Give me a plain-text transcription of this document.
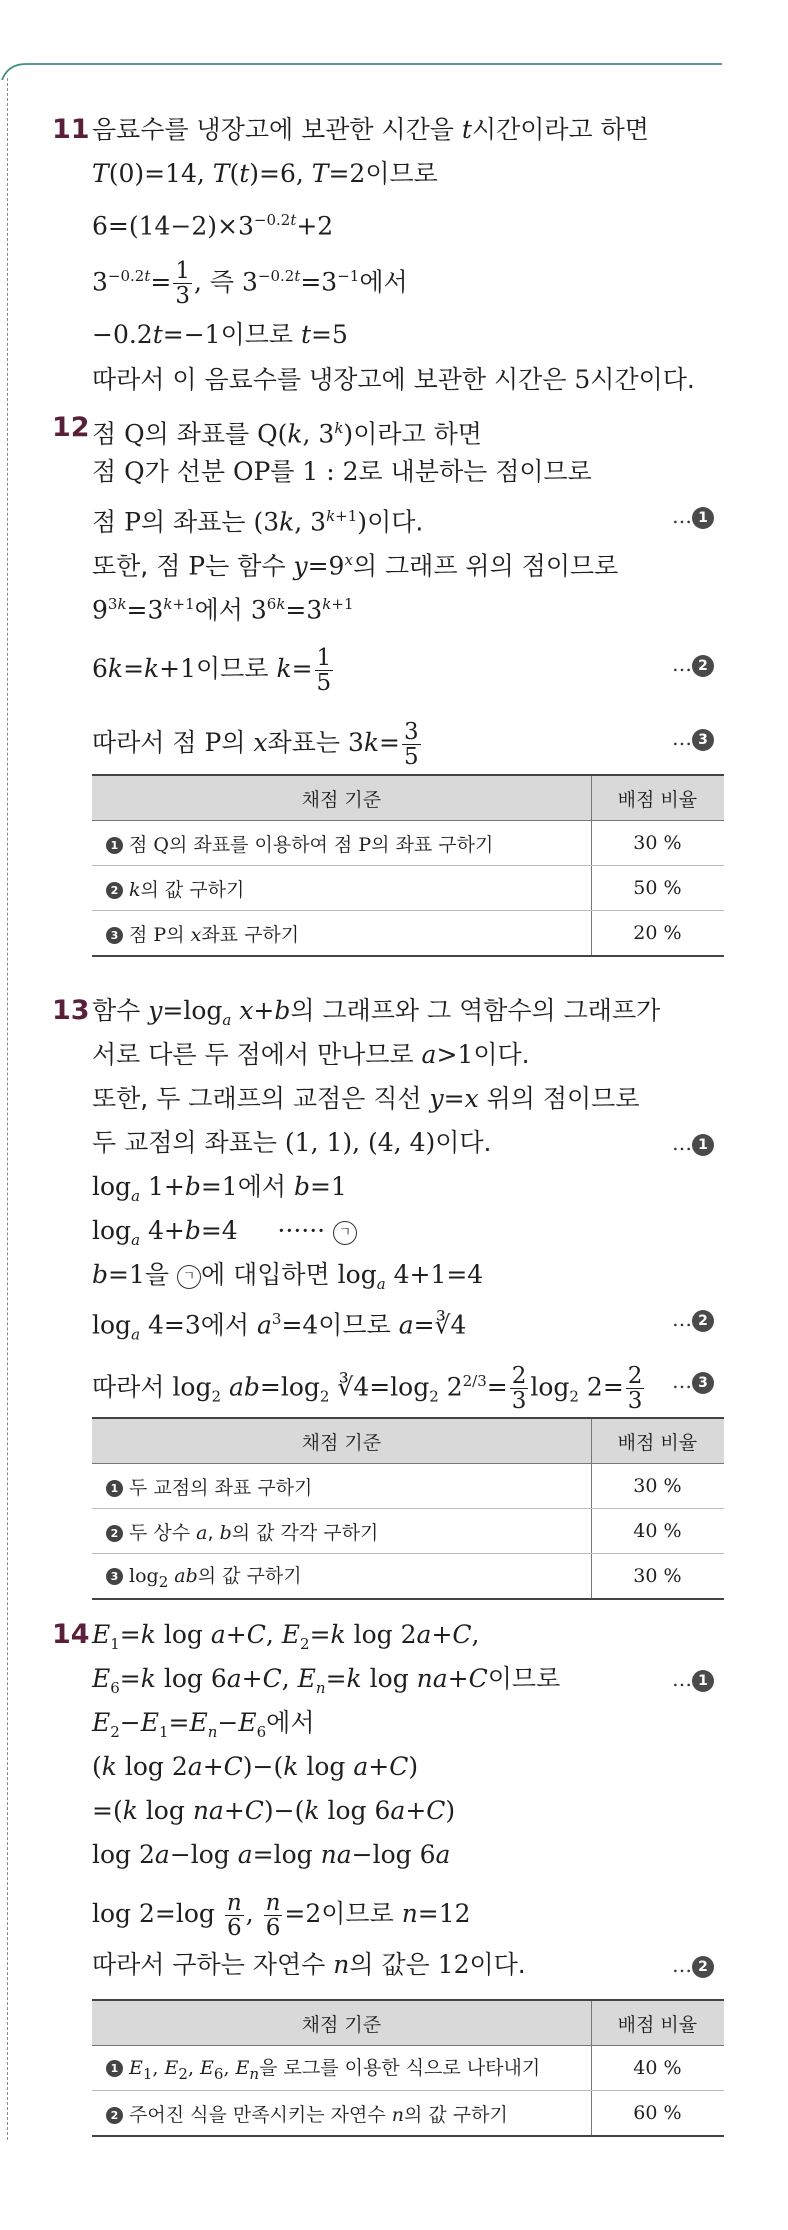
11 음료수를 냉장고에 보관한 시간을 t시간이라고 하면
T(0)=14, T(t)=6, T=2이므로
$6=(14-2)\times 3^{-0.2t}+2$
$3^{-0.2t}= \frac{1}{3}$ , 즉 $3^{-0.2t}=3^{-1}$에서
−0.2t=−1이므로 t=5
따라서 이 음료수를 냉장고에 보관한 시간은 5시간이다.
12 점 Q의 좌표를 Q(k, 3$^k$)이라고 하면
점 Q가 선분 OP를 1 : 2로 내분하는 점이므로
점 P의 좌표는 (3k, $3^{k+1}$)이다.	… 1
또한, 점 P는 함수 $y=9^x$의 그래프 위의 점이므로
$9^{3k}=3^{k+1}$에서 $3^{6k}=3^{k+1}$
6k=k+1이므로 $k= \frac{1}{5}$	… 2
따라서 점 P의 x좌표는 $3k= \frac{3}{5}$	… 3
채점 기준	배점 비율
1 점 Q의 좌표를 이용하여 점 P의 좌표 구하기	30 %
2 k의 값 구하기	50 %
3 점 P의 x좌표 구하기	20 %
13 함수 $y=\log_a$ x+b의 그래프와 그 역함수의 그래프가
서로 다른 두 점에서 만나므로 a>1이다.
또한, 두 그래프의 교점은 직선 y=x 위의 점이므로
두 교점의 좌표는 (1, 1), (4, 4)이다.	… 1
$\log_a 1+b=1$에서 b=1
$\log_a 4+b=4$     ······ ㄱ
b=1을 ㄱ 에 대입하면 $\log_a 4+1=4$
$\log_a 4=3$에서 $a^3=4$이므로 a=∛4	… 2
따라서 $\log_2 ab=\log_2$ $∛4=\log_2$ $2^{2/3}= \frac{2}{3} \log_2 2= \frac{2}{3}$ … 3
채점 기준	배점 비율
1 두 교점의 좌표 구하기	30 %
2 두 상수 a, b의 값 각각 구하기	40 %
3 $\log_2$ ab의 값 구하기	30 %
14 $E_1=k$ log a+C, $E_2=k$ log 2a+C,
$E_6=k$ log 6a+C, $E_n=k$ log na+C이므로	… 1
$E_2-E_1=E_n-E_6$에서
(k log 2a+C)−(k log a+C)
=(k log na+C)−(k log 6a+C)
log 2a−log a=log na−log 6a
$\log 2=\log \frac{n}{6}$ , $\frac{n}{6} =2$이므로 n=12
따라서 구하는 자연수 n의 값은 12이다.	… 2
채점 기준	배점 비율
1 $E_1$, $E_2$, $E_6$, $E_n$을 로그를 이용한 식으로 나타내기	40 %
2 주어진 식을 만족시키는 자연수 n의 값 구하기	60 %
